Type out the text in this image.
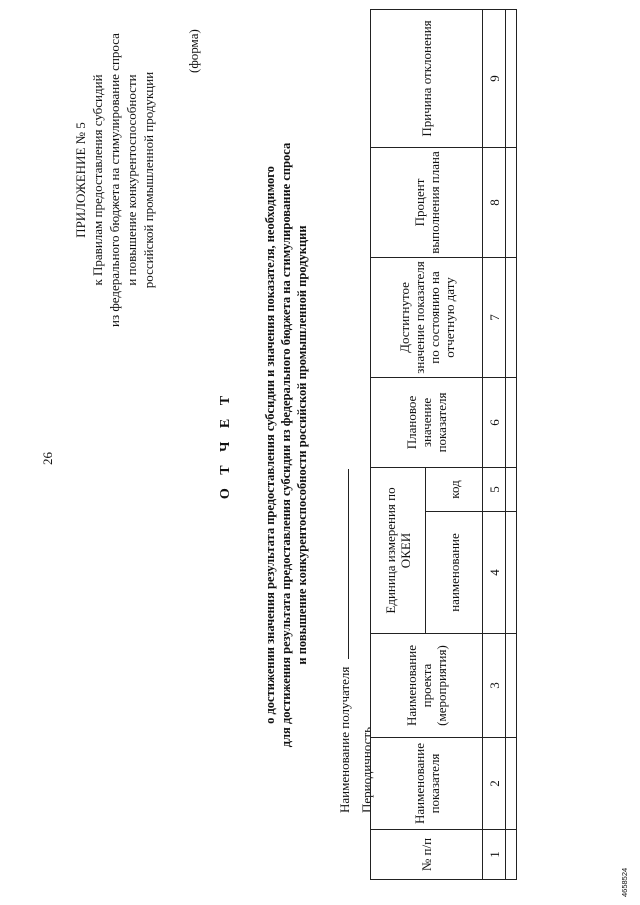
26
ПРИЛОЖЕНИЕ № 5 к Правилам предоставления субсидий из федерального бюджета на стимулирование спроса и повышение конкурентоспособности российской промышленной продукции
(форма)
О Т Ч Е Т о достижении значения результата предоставления субсидии и значения показателя, необходимого для достижения результата предоставления субсидии из федерального бюджета на стимулирование спроса и повышение конкурентоспособности российской промышленной продукции
Наименование получателя Периодичность
№ п/п	Наименование показателя	Наименование проекта (мероприятия)	Единица измерения по ОКЕИ		Плановое значение показателя	Достигнутое значение показателя по состоянию на отчетную дату	Процент выполнения плана	Причина отклонения
			наименование	код				
1	2	3	4	5	6	7	8	9

4658524
